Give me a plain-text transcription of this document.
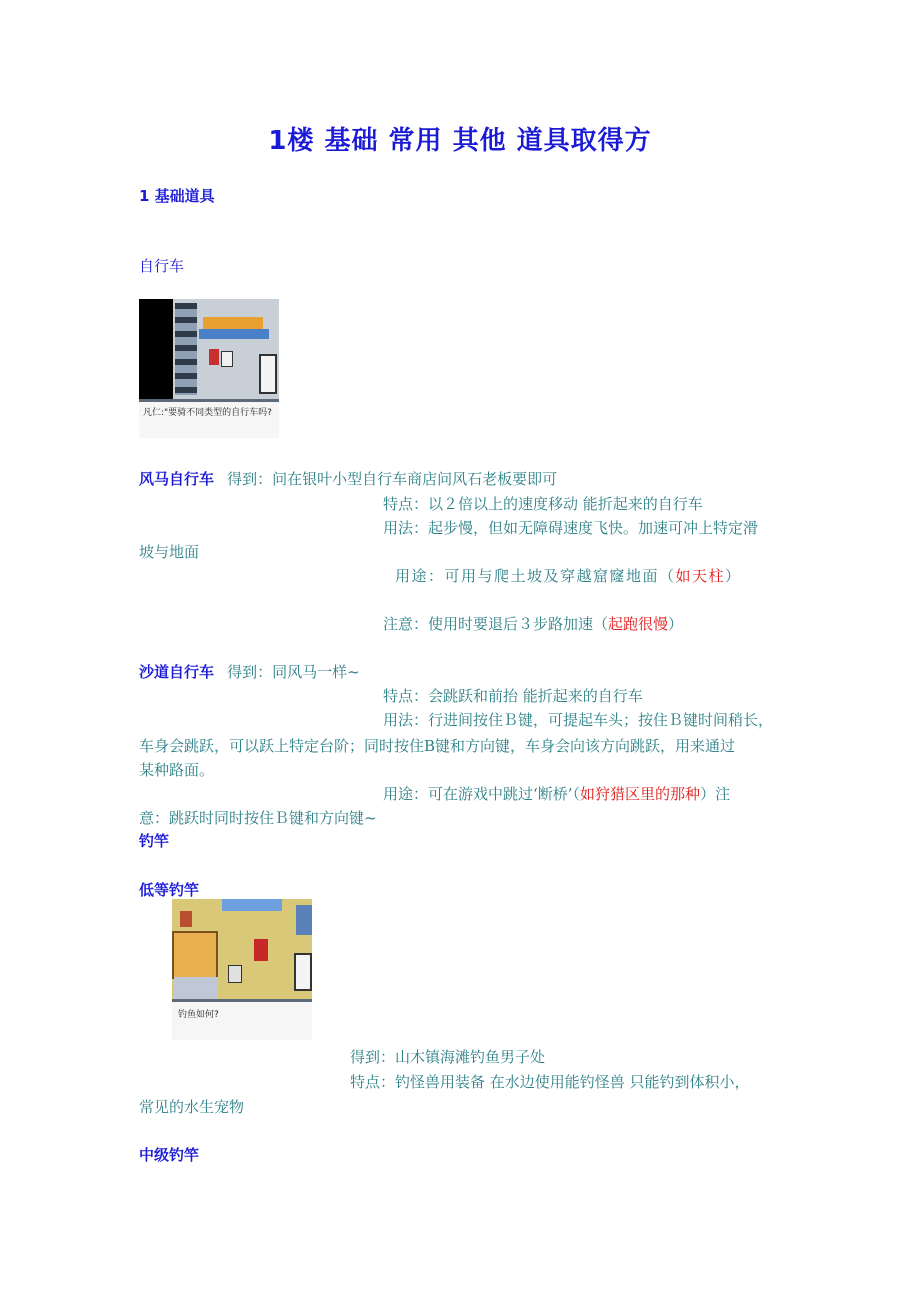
1楼 基础 常用 其他 道具取得方
1 基础道具
自行车
凡仁:"要骑不同类型的自行车吗?
风马自行车 得到：问在银叶小型自行车商店问风石老板要即可
特点：以２倍以上的速度移动 能折起来的自行车
用法：起步慢，但如无障碍速度飞快。加速可冲上特定滑
坡与地面
用途：可用与爬土坡及穿越窟窿地面（如天柱）
注意：使用时要退后３步路加速（起跑很慢）
沙道自行车 得到：同风马一样~
特点：会跳跃和前抬 能折起来的自行车
用法：行进间按住Ｂ键，可提起车头；按住Ｂ键时间稍长，
车身会跳跃，可以跃上特定台阶；同时按住B键和方向键，车身会向该方向跳跃，用来通过
某种路面。
用途：可在游戏中跳过‘断桥’（如狩猎区里的那种）注
意：跳跃时同时按住Ｂ键和方向键~
钓竿
低等钓竿
钓鱼如何?
得到：山木镇海滩钓鱼男子处
特点：钓怪兽用装备 在水边使用能钓怪兽 只能钓到体积小，
常见的水生宠物
中级钓竿
